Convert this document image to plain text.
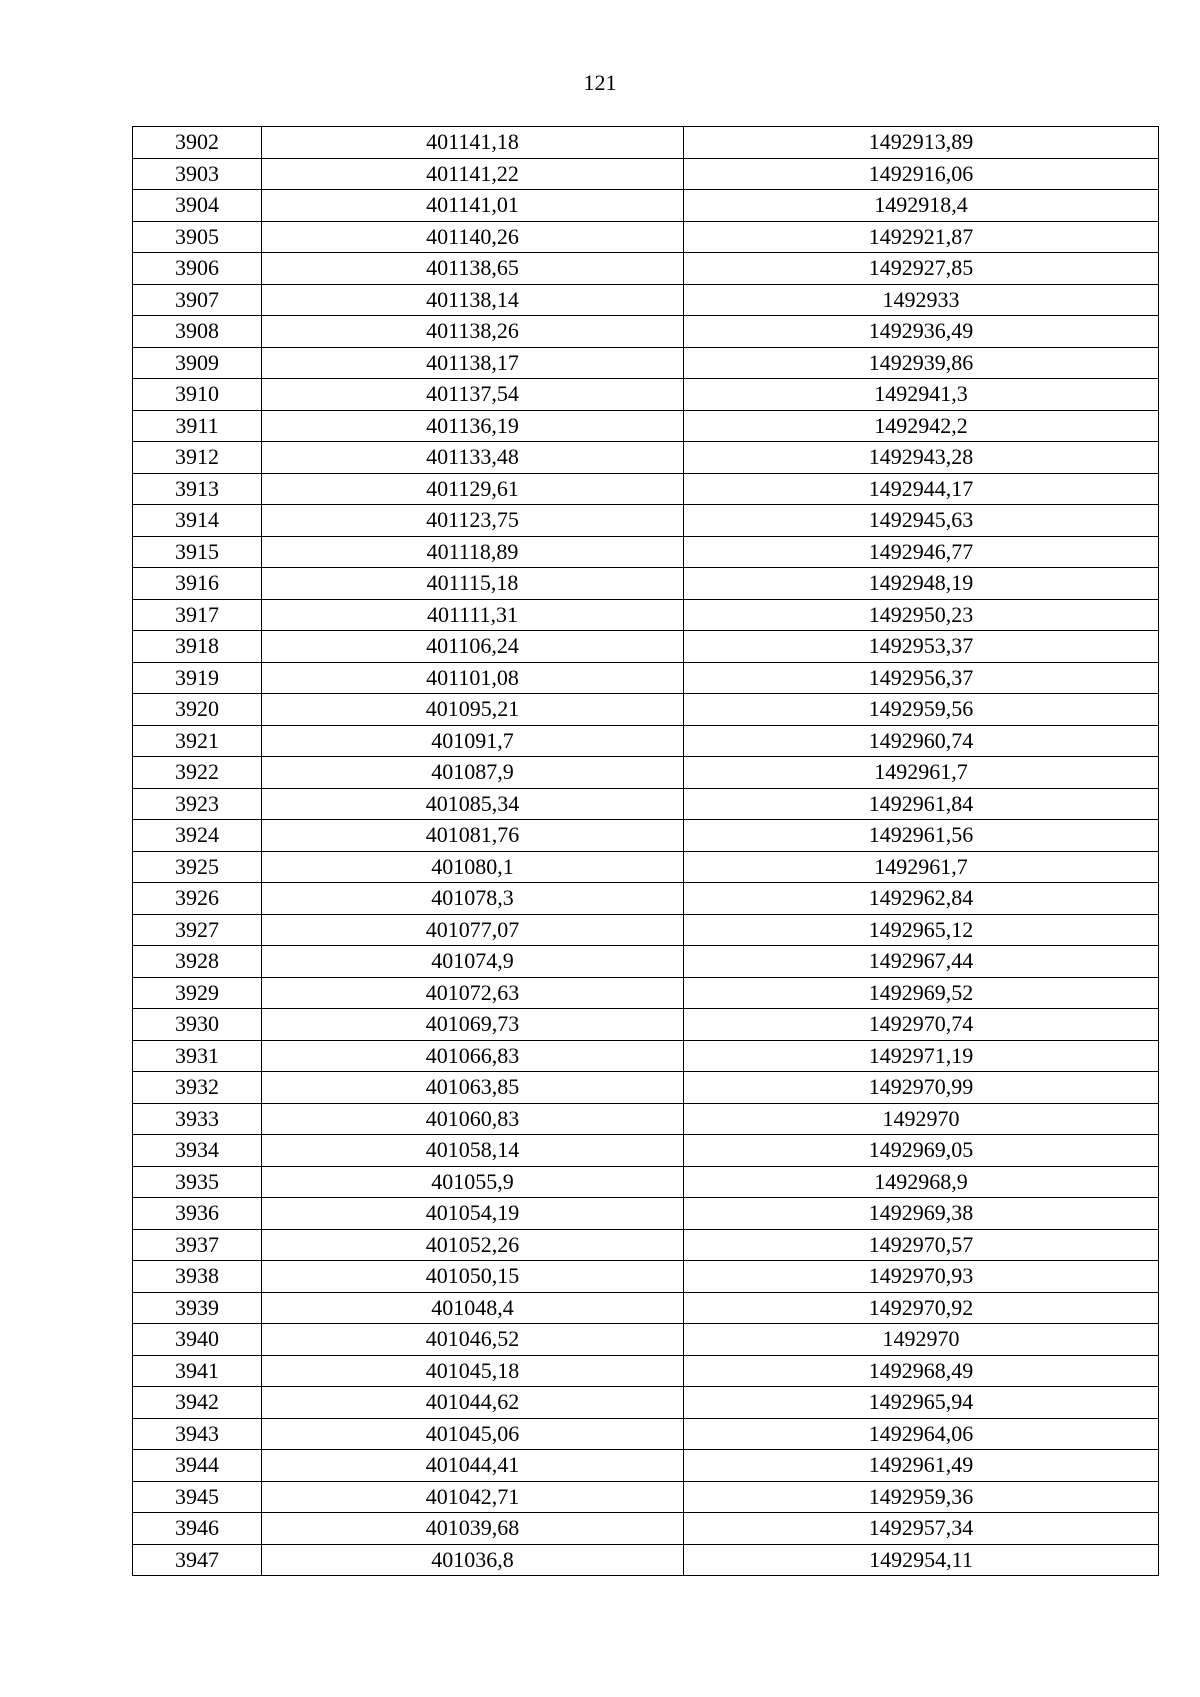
121
3902	401141,18	1492913,89
3903	401141,22	1492916,06
3904	401141,01	1492918,4
3905	401140,26	1492921,87
3906	401138,65	1492927,85
3907	401138,14	1492933
3908	401138,26	1492936,49
3909	401138,17	1492939,86
3910	401137,54	1492941,3
3911	401136,19	1492942,2
3912	401133,48	1492943,28
3913	401129,61	1492944,17
3914	401123,75	1492945,63
3915	401118,89	1492946,77
3916	401115,18	1492948,19
3917	401111,31	1492950,23
3918	401106,24	1492953,37
3919	401101,08	1492956,37
3920	401095,21	1492959,56
3921	401091,7	1492960,74
3922	401087,9	1492961,7
3923	401085,34	1492961,84
3924	401081,76	1492961,56
3925	401080,1	1492961,7
3926	401078,3	1492962,84
3927	401077,07	1492965,12
3928	401074,9	1492967,44
3929	401072,63	1492969,52
3930	401069,73	1492970,74
3931	401066,83	1492971,19
3932	401063,85	1492970,99
3933	401060,83	1492970
3934	401058,14	1492969,05
3935	401055,9	1492968,9
3936	401054,19	1492969,38
3937	401052,26	1492970,57
3938	401050,15	1492970,93
3939	401048,4	1492970,92
3940	401046,52	1492970
3941	401045,18	1492968,49
3942	401044,62	1492965,94
3943	401045,06	1492964,06
3944	401044,41	1492961,49
3945	401042,71	1492959,36
3946	401039,68	1492957,34
3947	401036,8	1492954,11
